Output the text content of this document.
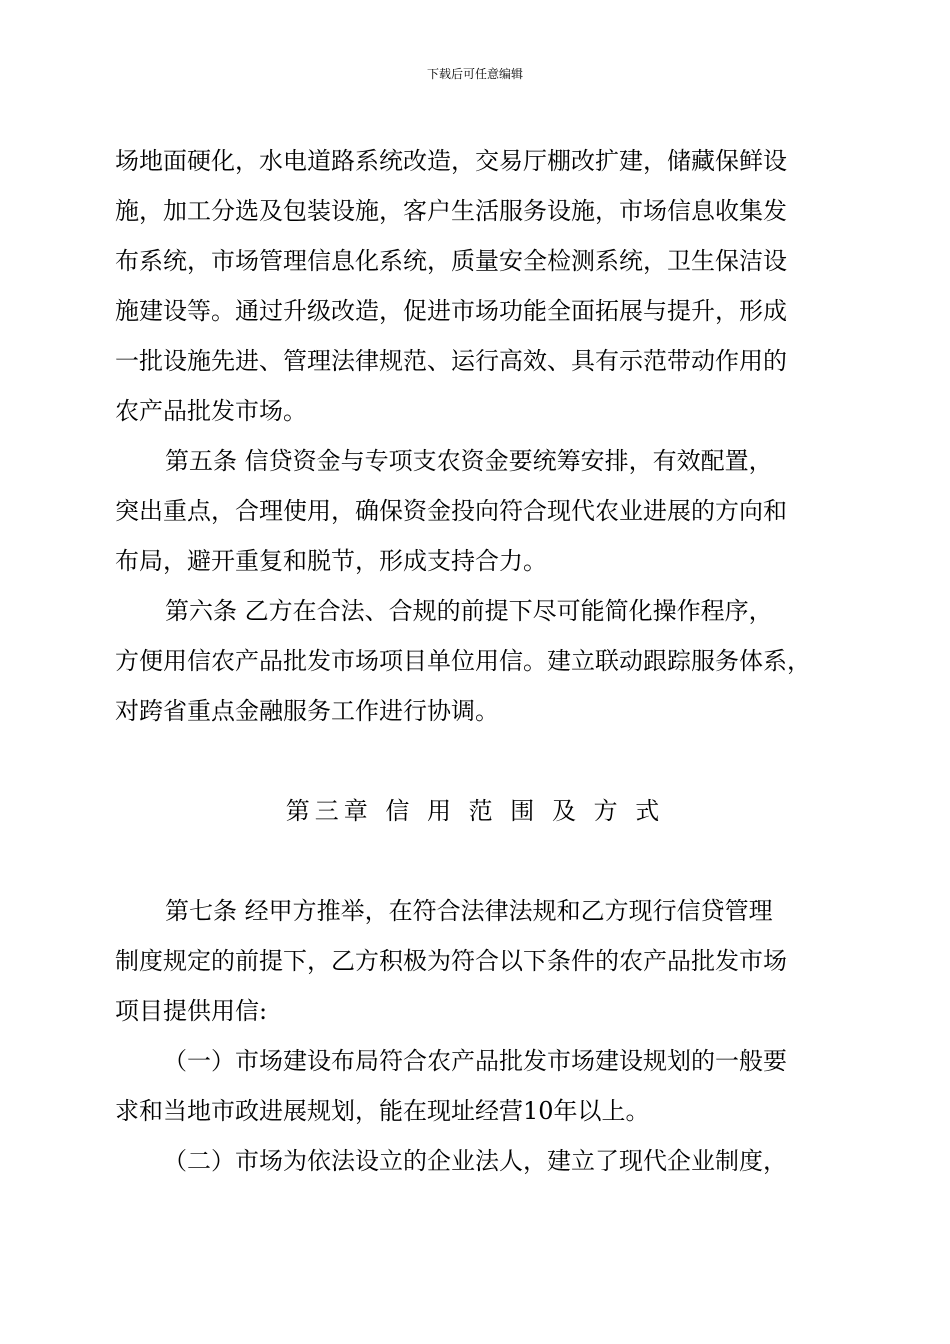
下载后可任意编辑
场地面硬化，水电道路系统改造，交易厅棚改扩建，储藏保鲜设
施，加工分选及包装设施，客户生活服务设施，市场信息收集发
布系统，市场管理信息化系统，质量安全检测系统，卫生保洁设
施建设等。通过升级改造，促进市场功能全面拓展与提升，形成
一批设施先进、管理法律规范、运行高效、具有示范带动作用的
农产品批发市场。
第五条 信贷资金与专项支农资金要统筹安排，有效配置，
突出重点，合理使用，确保资金投向符合现代农业进展的方向和
布局，避开重复和脱节，形成支持合力。
第六条 乙方在合法、合规的前提下尽可能简化操作程序，
方便用信农产品批发市场项目单位用信。建立联动跟踪服务体系，
对跨省重点金融服务工作进行协调。
第三章 信 用 范 围 及 方 式
第七条 经甲方推举，在符合法律法规和乙方现行信贷管理
制度规定的前提下，乙方积极为符合以下条件的农产品批发市场
项目提供用信:
（一）市场建设布局符合农产品批发市场建设规划的一般要
求和当地市政进展规划，能在现址经营10年以上。
（二）市场为依法设立的企业法人，建立了现代企业制度，
